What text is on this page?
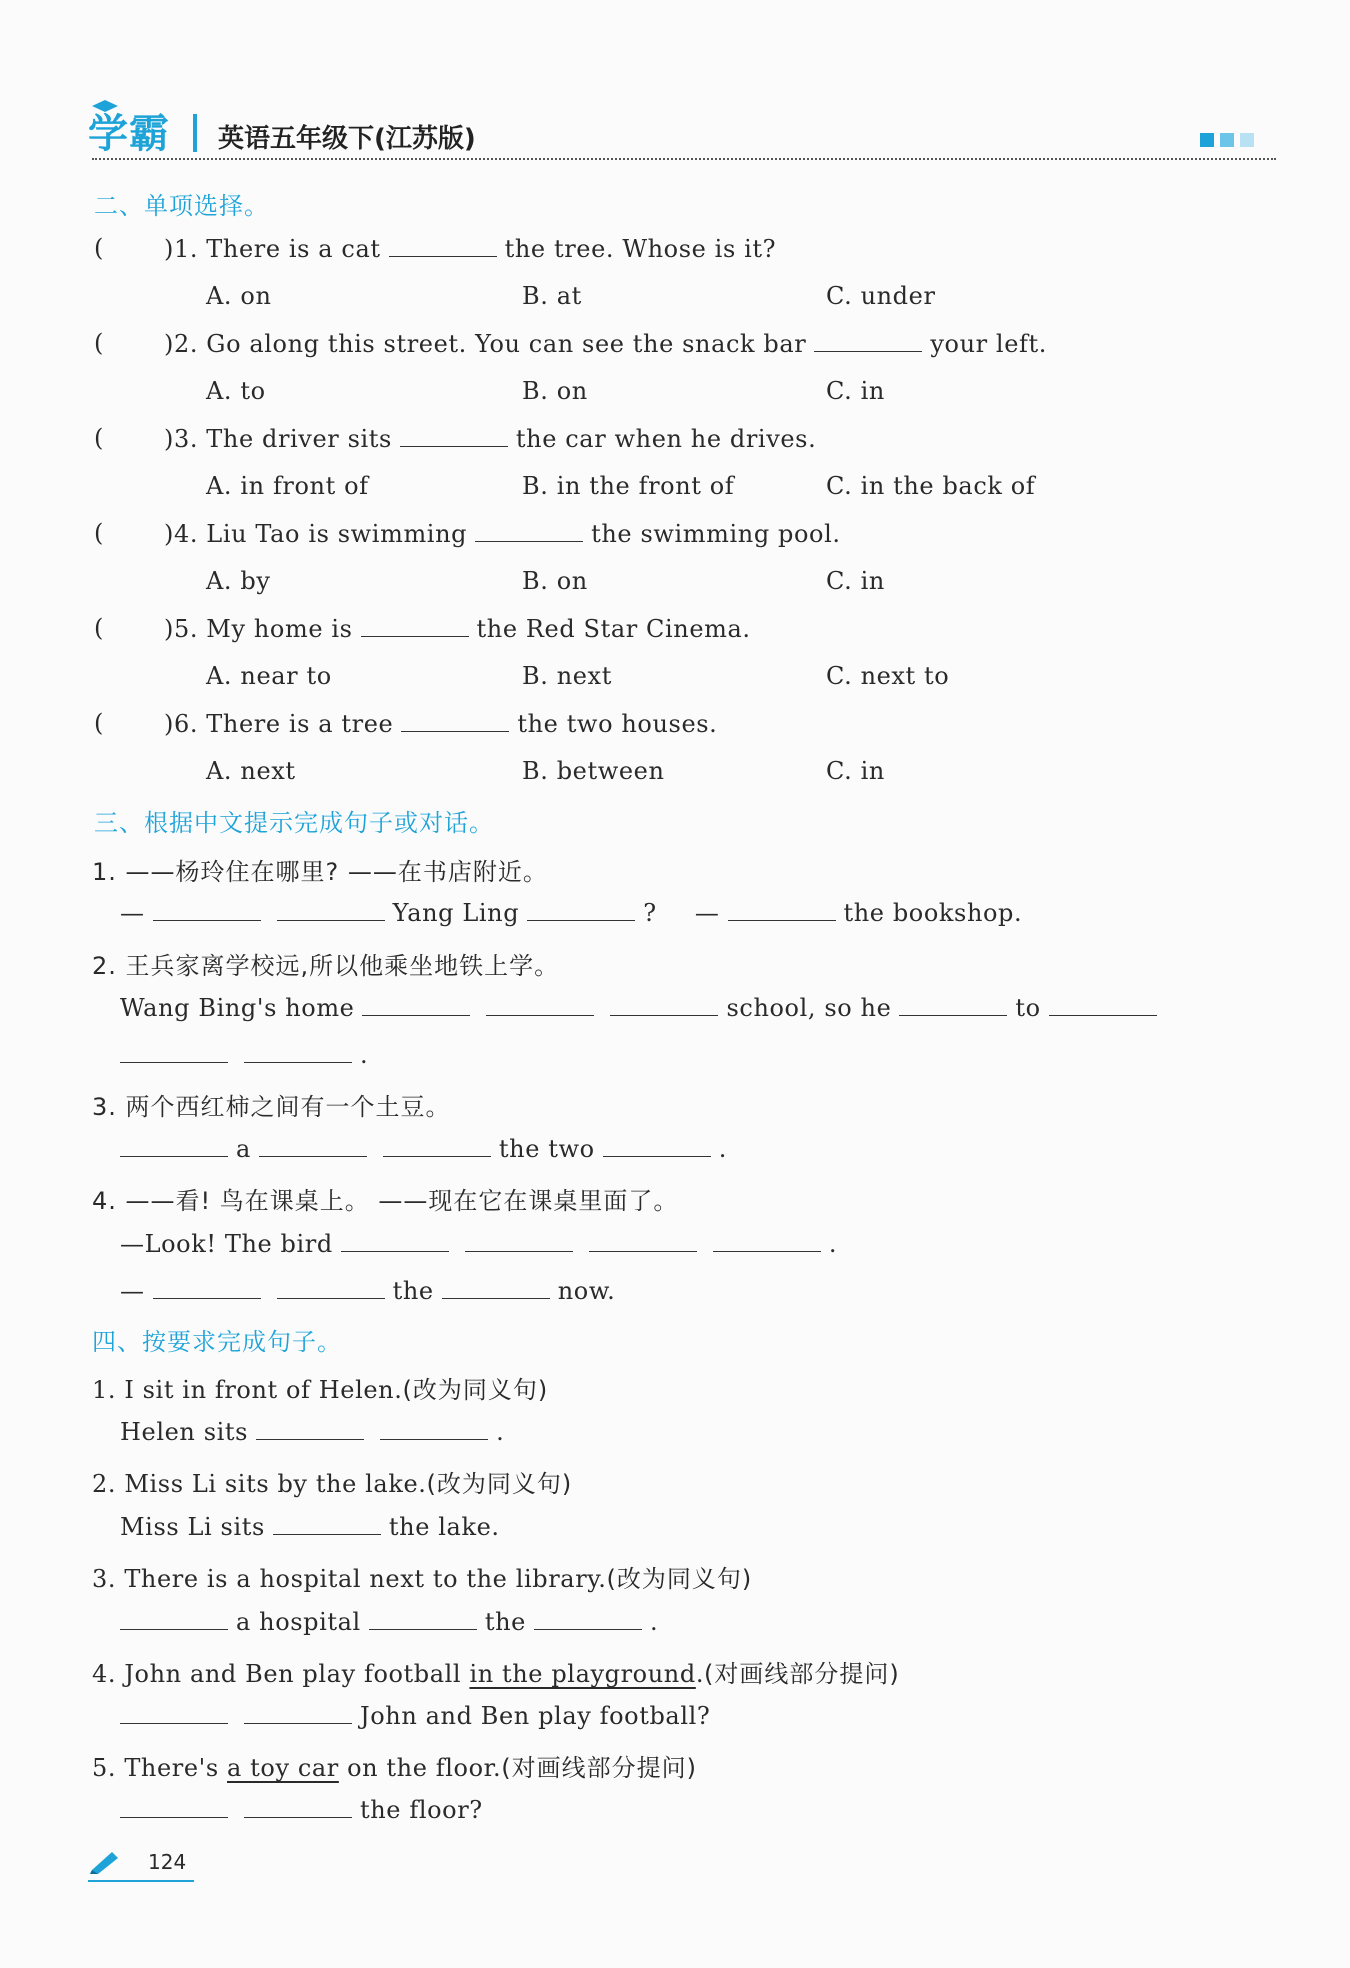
学霸 英语五年级下(江苏版)
二、单项选择。
(	)1. There is a cat	the tree. Whose is it?
A. on	B. at	C. under
(	)2. Go along this street. You can see the snack bar	your left.
A. to	B. on	C. in
(	)3. The driver sits	the car when he drives.
A. in front of	B. in the front of	C. in the back of
(	)4. Liu Tao is swimming	the swimming pool.
A. by	B. on	C. in
(	)5. My home is	the Red Star Cinema.
A. near to	B. next	C. next to
(	)6. There is a tree	the two houses.
A. next	B. between	C. in
三、根据中文提示完成句子或对话。
1. ——杨玲住在哪里? ——在书店附近。
—	Yang Ling	? —	the bookshop.
2. 王兵家离学校远,所以他乘坐地铁上学。
Wang Bing's home	school, so he	to
.
3. 两个西红柿之间有一个土豆。
a	the two	.
4. ——看! 鸟在课桌上。 ——现在它在课桌里面了。
—Look! The bird	.
—	the	now.
四、按要求完成句子。
1. I sit in front of Helen.(改为同义句)
Helen sits	.
2. Miss Li sits by the lake.(改为同义句)
Miss Li sits	the lake.
3. There is a hospital next to the library.(改为同义句)
a hospital	the	.
4. John and Ben play football in the playground.(对画线部分提问)
John and Ben play football?
5. There's a toy car on the floor.(对画线部分提问)
the floor?
124
